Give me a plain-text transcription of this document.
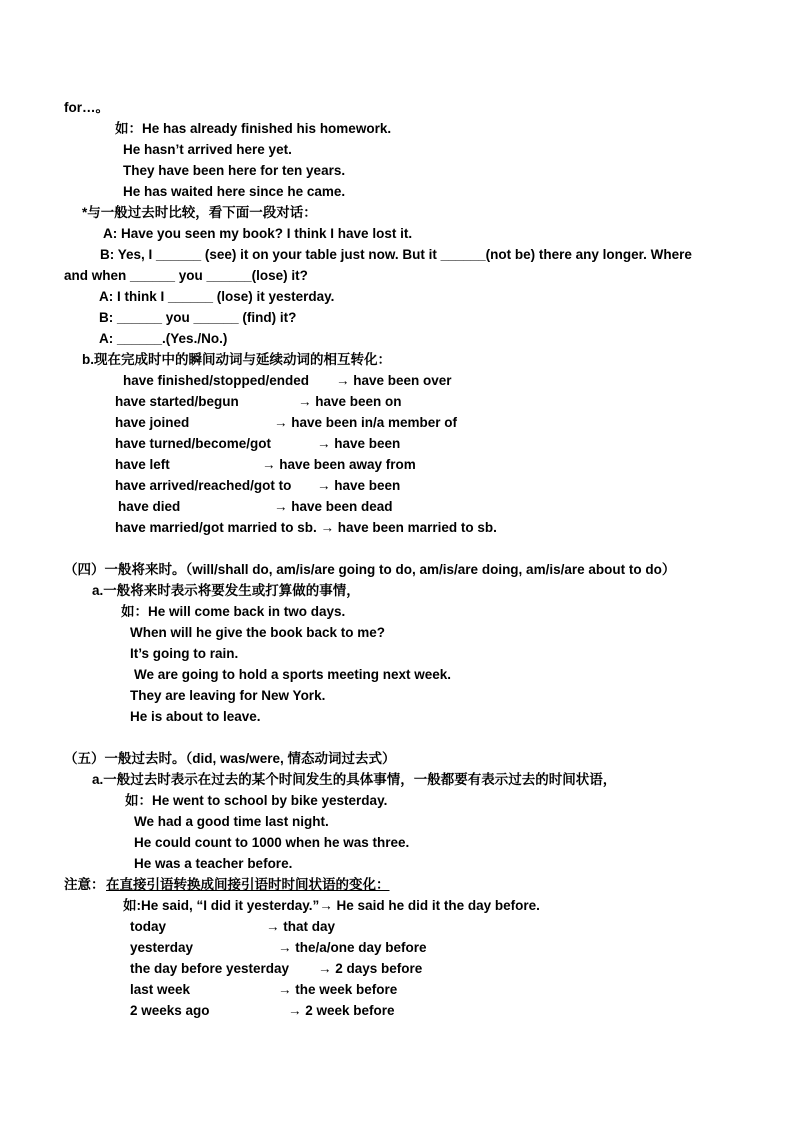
for…。
如：He has already finished his homework.
He hasn’t arrived here yet.
They have been here for ten years.
He has waited here since he came.
*与一般过去时比较，看下面一段对话：
A: Have you seen my book? I think I have lost it.
B: Yes, I ______ (see) it on your table just now. But it ______(not be) there any longer. Where
and when ______ you ______(lose) it?
A: I think I ______ (lose) it yesterday.
B: ______ you ______ (find) it?
A: ______.(Yes./No.)
b.现在完成时中的瞬间动词与延续动词的相互转化：
have finished/stopped/ended → have been over
have started/begun	→ have been on
have joined	→ have been in/a member of
have turned/become/got	→ have been
have left	→ have been away from
have arrived/reached/got to → have been
have died	→ have been dead
have married/got married to sb. → have been married to sb.
（四）一般将来时。（will/shall do, am/is/are going to do, am/is/are doing, am/is/are about to do）
a.一般将来时表示将要发生或打算做的事情，
如：He will come back in two days.
When will he give the book back to me?
It’s going to rain.
We are going to hold a sports meeting next week.
They are leaving for New York.
He is about to leave.
（五）一般过去时。（did, was/were, 情态动词过去式）
a.一般过去时表示在过去的某个时间发生的具体事情，一般都要有表示过去的时间状语，
如：He went to school by bike yesterday.
We had a good time last night.
He could count to 1000 when he was three.
He was a teacher before.
注意： 在直接引语转换成间接引语时时间状语的变化：
如:He said, “I did it yesterday.”→ He said he did it the day before.
today	→ that day
yesterday	→ the/a/one day before
the day before yesterday → 2 days before
last week	→ the week before
2 weeks ago	→ 2 week before
